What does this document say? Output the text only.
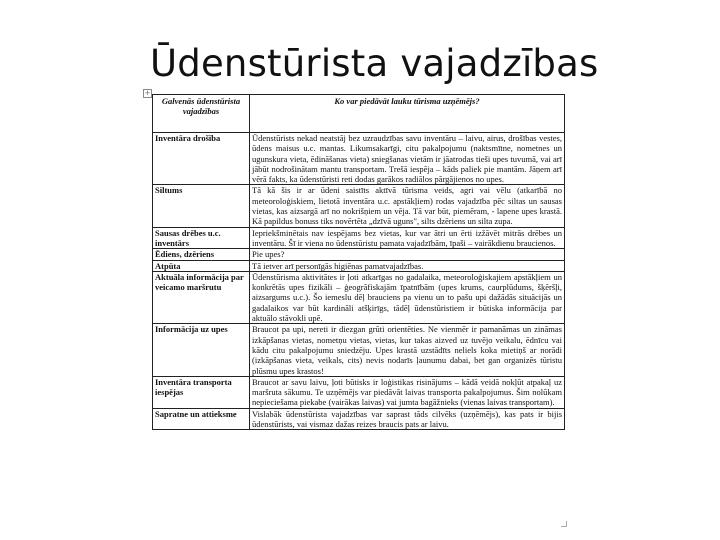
Ūdenstūrista vajadzības
+
Galvenās ūdenstūrista vajadzības	Ko var piedāvāt lauku tūrisma uzņēmējs?
Inventāra drošība	Ūdenstūrists nekad neatstāj bez uzraudzības savu inventāru – laivu, airus, drošības vestes, ūdens maisus u.c. mantas. Likumsakarīgi, citu pakalpojumu (naktsmītne, nometnes un ugunskura vieta, ēdināšanas vieta) sniegšanas vietām ir jāatrodas tieši upes tuvumā, vai arī jābūt nodrošinātam mantu transportam. Trešā iespēja – kāds paliek pie mantām. Jāņem arī vērā fakts, ka ūdenstūristi reti dodas garākos radiālos pārgājienos no upes.
Siltums	Tā kā šis ir ar ūdeni saistīts aktīvā tūrisma veids, agri vai vēlu (atkarībā no meteoroloģiskiem, lietotā inventāra u.c. apstākļiem) rodas vajadzība pēc siltas un sausas vietas, kas aizsargā arī no nokrišņiem un vēja. Tā var būt, piemēram, - lapene upes krastā. Kā papildus bonuss tiks novērtēta „dzīvā uguns", silts dzēriens un silta zupa.
Sausas drēbes u.c. inventārs	Iepriekšminētais nav iespējams bez vietas, kur var ātri un ērti izžāvēt mitrās drēbes un inventāru. Šī ir viena no ūdenstūristu pamata vajadzībām, īpaši – vairākdienu braucienos.
Ēdiens, dzēriens	Pie upes?
Atpūta	Tā ietver arī personīgās higiēnas pamatvajadzības.
Aktuāla informācija par veicamo maršrutu	Ūdenstūrisma aktivitātes ir ļoti atkarīgas no gadalaika, meteoroloģiskajiem apstākļiem un konkrētās upes fizikāli – ģeogrāfiskajām īpatnībām (upes krums, caurplūdums, šķēršļi, aizsargums u.c.). Šo iemeslu dēļ brauciens pa vienu un to pašu upi dažādās situācijās un gadalaikos var būt kardināli atšķirīgs, tādēļ ūdenstūristiem ir būtiska informācija par aktuālo stāvokli upē.
Informācija uz upes	Braucot pa upi, nereti ir diezgan grūti orientēties. Ne vienmēr ir pamanāmas un zināmas izkāpšanas vietas, nometņu vietas, vietas, kur takas aizved uz tuvējo veikalu, ēdnīcu vai kādu citu pakalpojumu sniedzēju. Upes krastā uzstādīts neliels koka mietiņš ar norādi (izkāpšanas vieta, veikals, cits) nevis nodarīs ļaunumu dabai, bet gan organizēs tūristu plūsmu upes krastos!
Inventāra transporta iespējas	Braucot ar savu laivu, ļoti būtisks ir loģistikas risinājums – kādā veidā nokļūt atpakaļ uz maršruta sākumu. Te uzņēmējs var piedāvāt laivas transporta pakalpojumus. Šim nolūkam nepieciešama piekabe (vairākas laivas) vai jumta bagāžnieks (vienas laivas transportam).
Sapratne un attieksme	Vislabāk ūdenstūrista vajadzības var saprast tāds cilvēks (uzņēmējs), kas pats ir bijis ūdenstūrists, vai vismaz dažas reizes braucis pats ar laivu.
